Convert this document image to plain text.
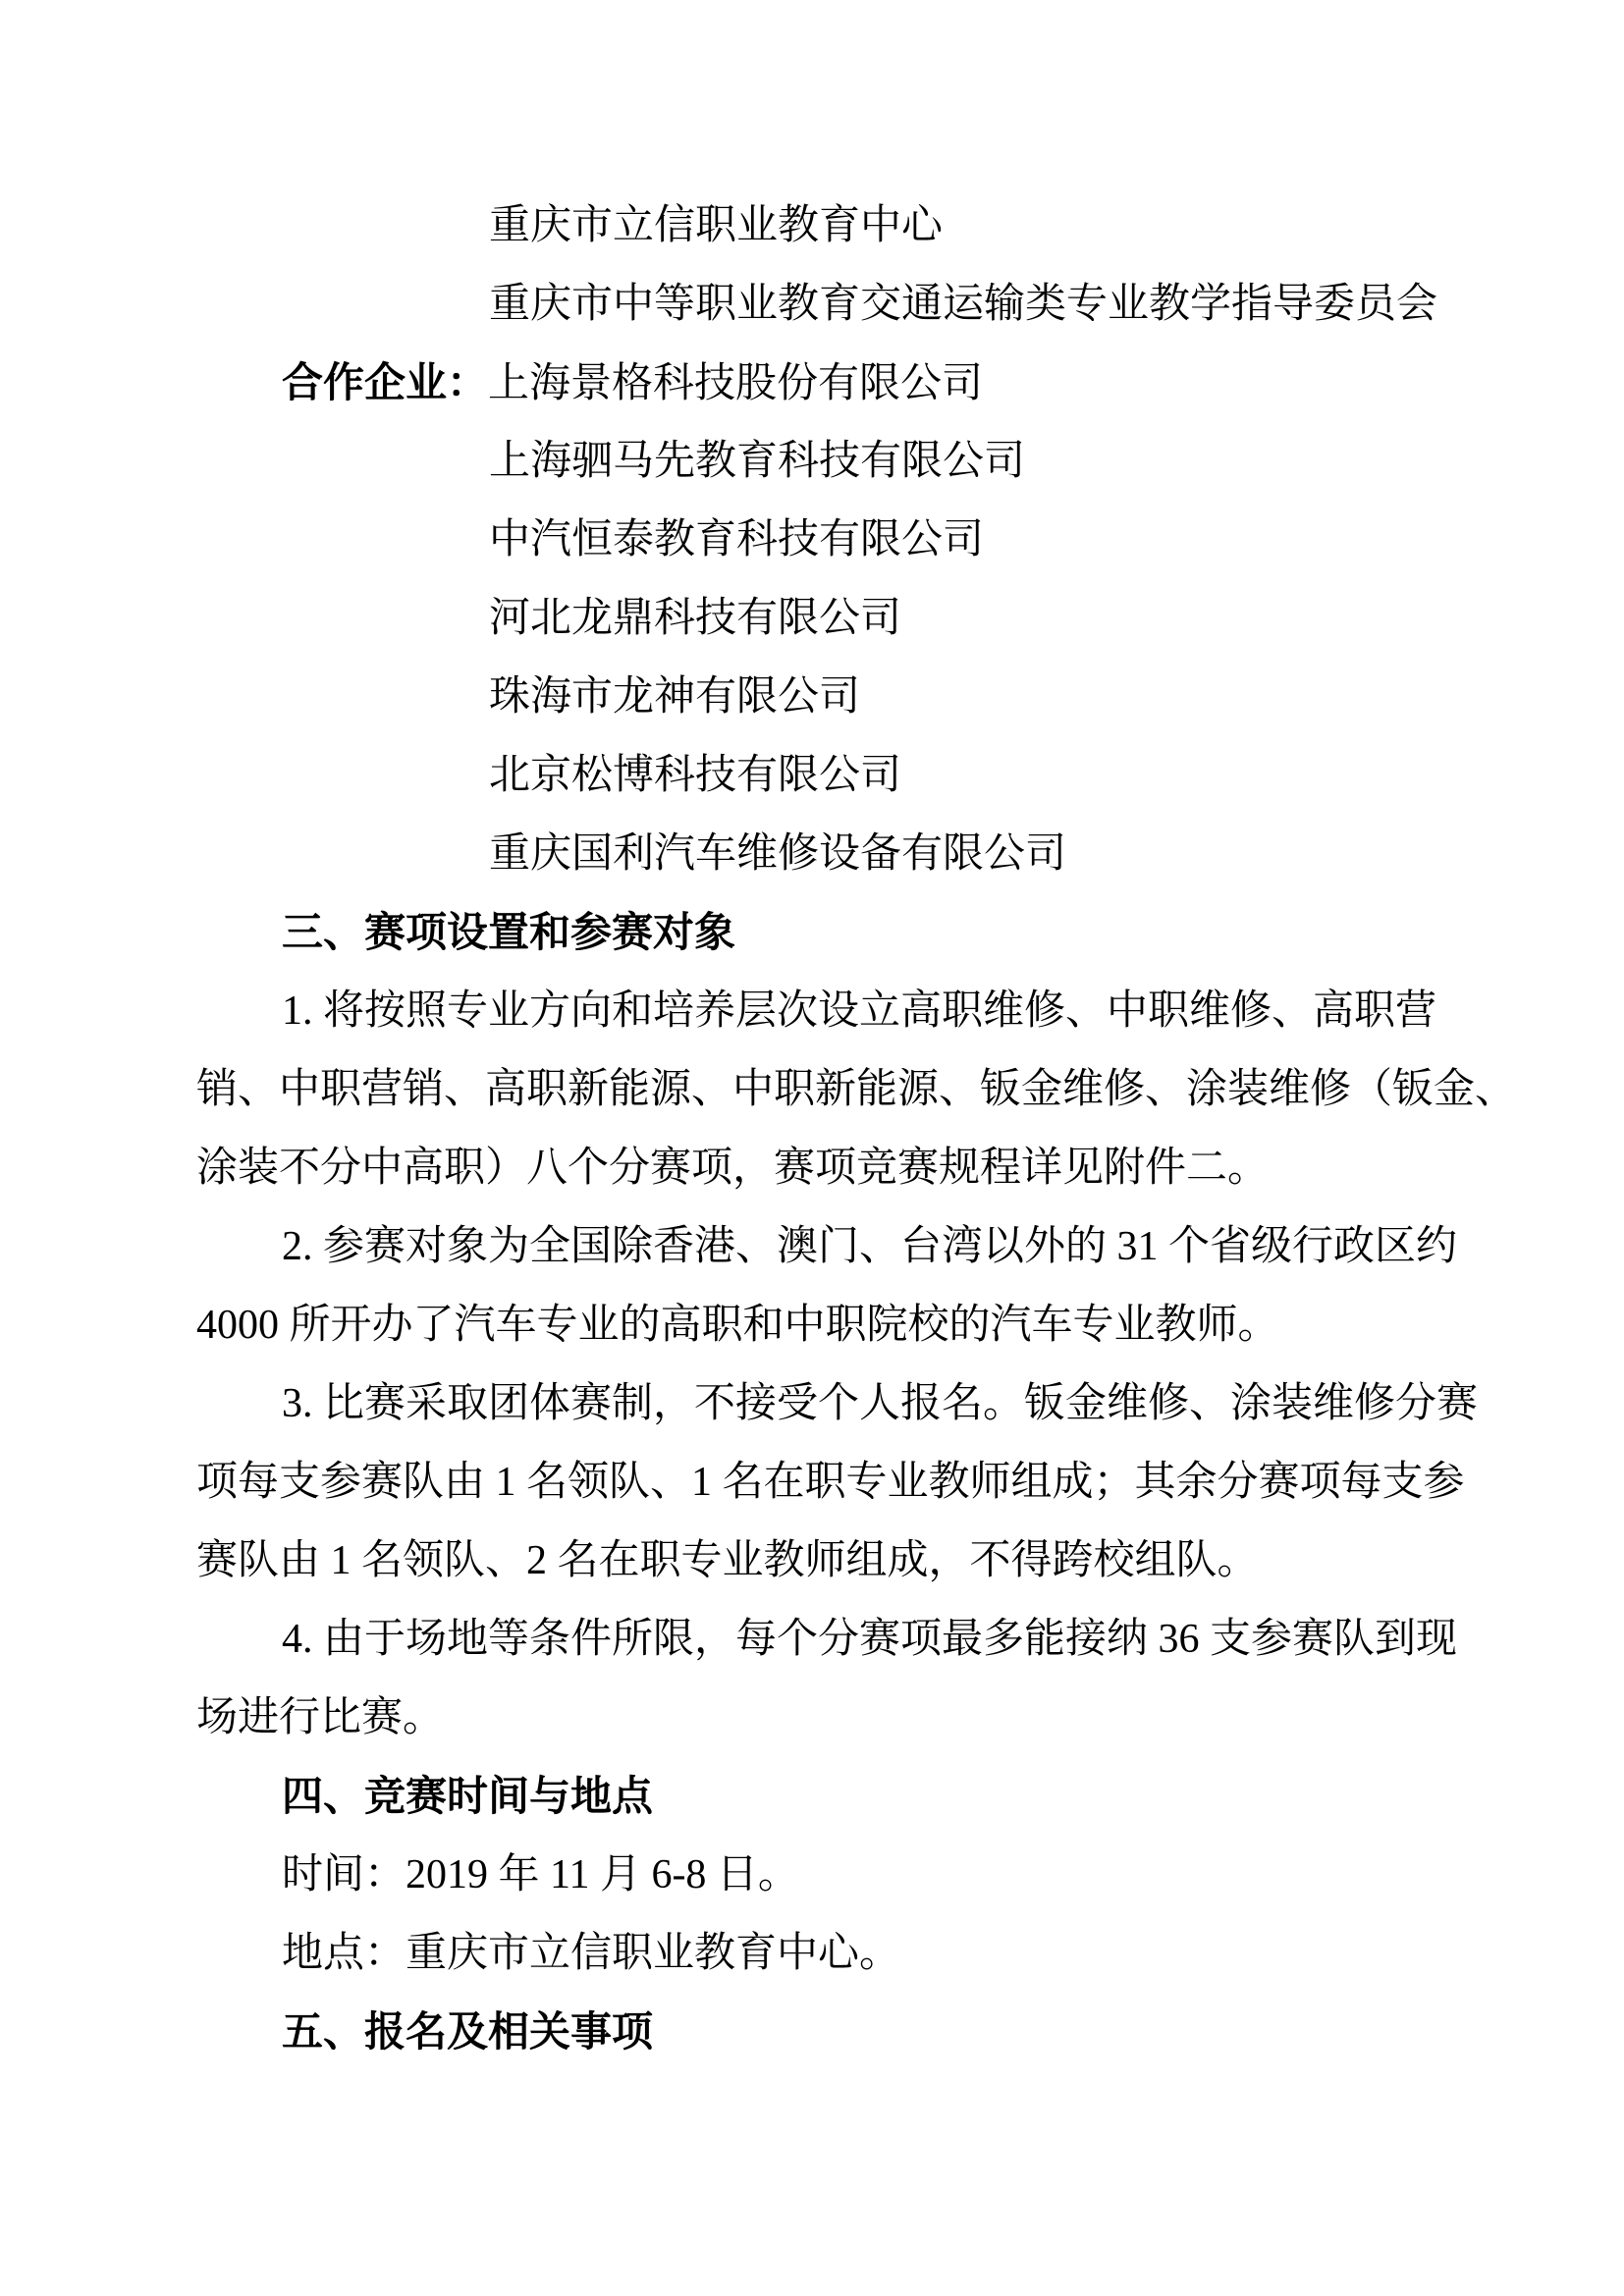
重庆市立信职业教育中心
重庆市中等职业教育交通运输类专业教学指导委员会
合作企业：上海景格科技股份有限公司
上海驷马先教育科技有限公司
中汽恒泰教育科技有限公司
河北龙鼎科技有限公司
珠海市龙神有限公司
北京松博科技有限公司
重庆国利汽车维修设备有限公司
三、赛项设置和参赛对象
1. 将按照专业方向和培养层次设立高职维修、中职维修、高职营
销、中职营销、高职新能源、中职新能源、钣金维修、涂装维修（钣金、
涂装不分中高职）八个分赛项，赛项竞赛规程详见附件二。
2. 参赛对象为全国除香港、澳门、台湾以外的 31 个省级行政区约
4000 所开办了汽车专业的高职和中职院校的汽车专业教师。
3. 比赛采取团体赛制，不接受个人报名。钣金维修、涂装维修分赛
项每支参赛队由 1 名领队、1 名在职专业教师组成；其余分赛项每支参
赛队由 1 名领队、2 名在职专业教师组成，不得跨校组队。
4. 由于场地等条件所限，每个分赛项最多能接纳 36 支参赛队到现
场进行比赛。
四、竞赛时间与地点
时间：2019 年 11 月 6-8 日。
地点：重庆市立信职业教育中心。
五、报名及相关事项
